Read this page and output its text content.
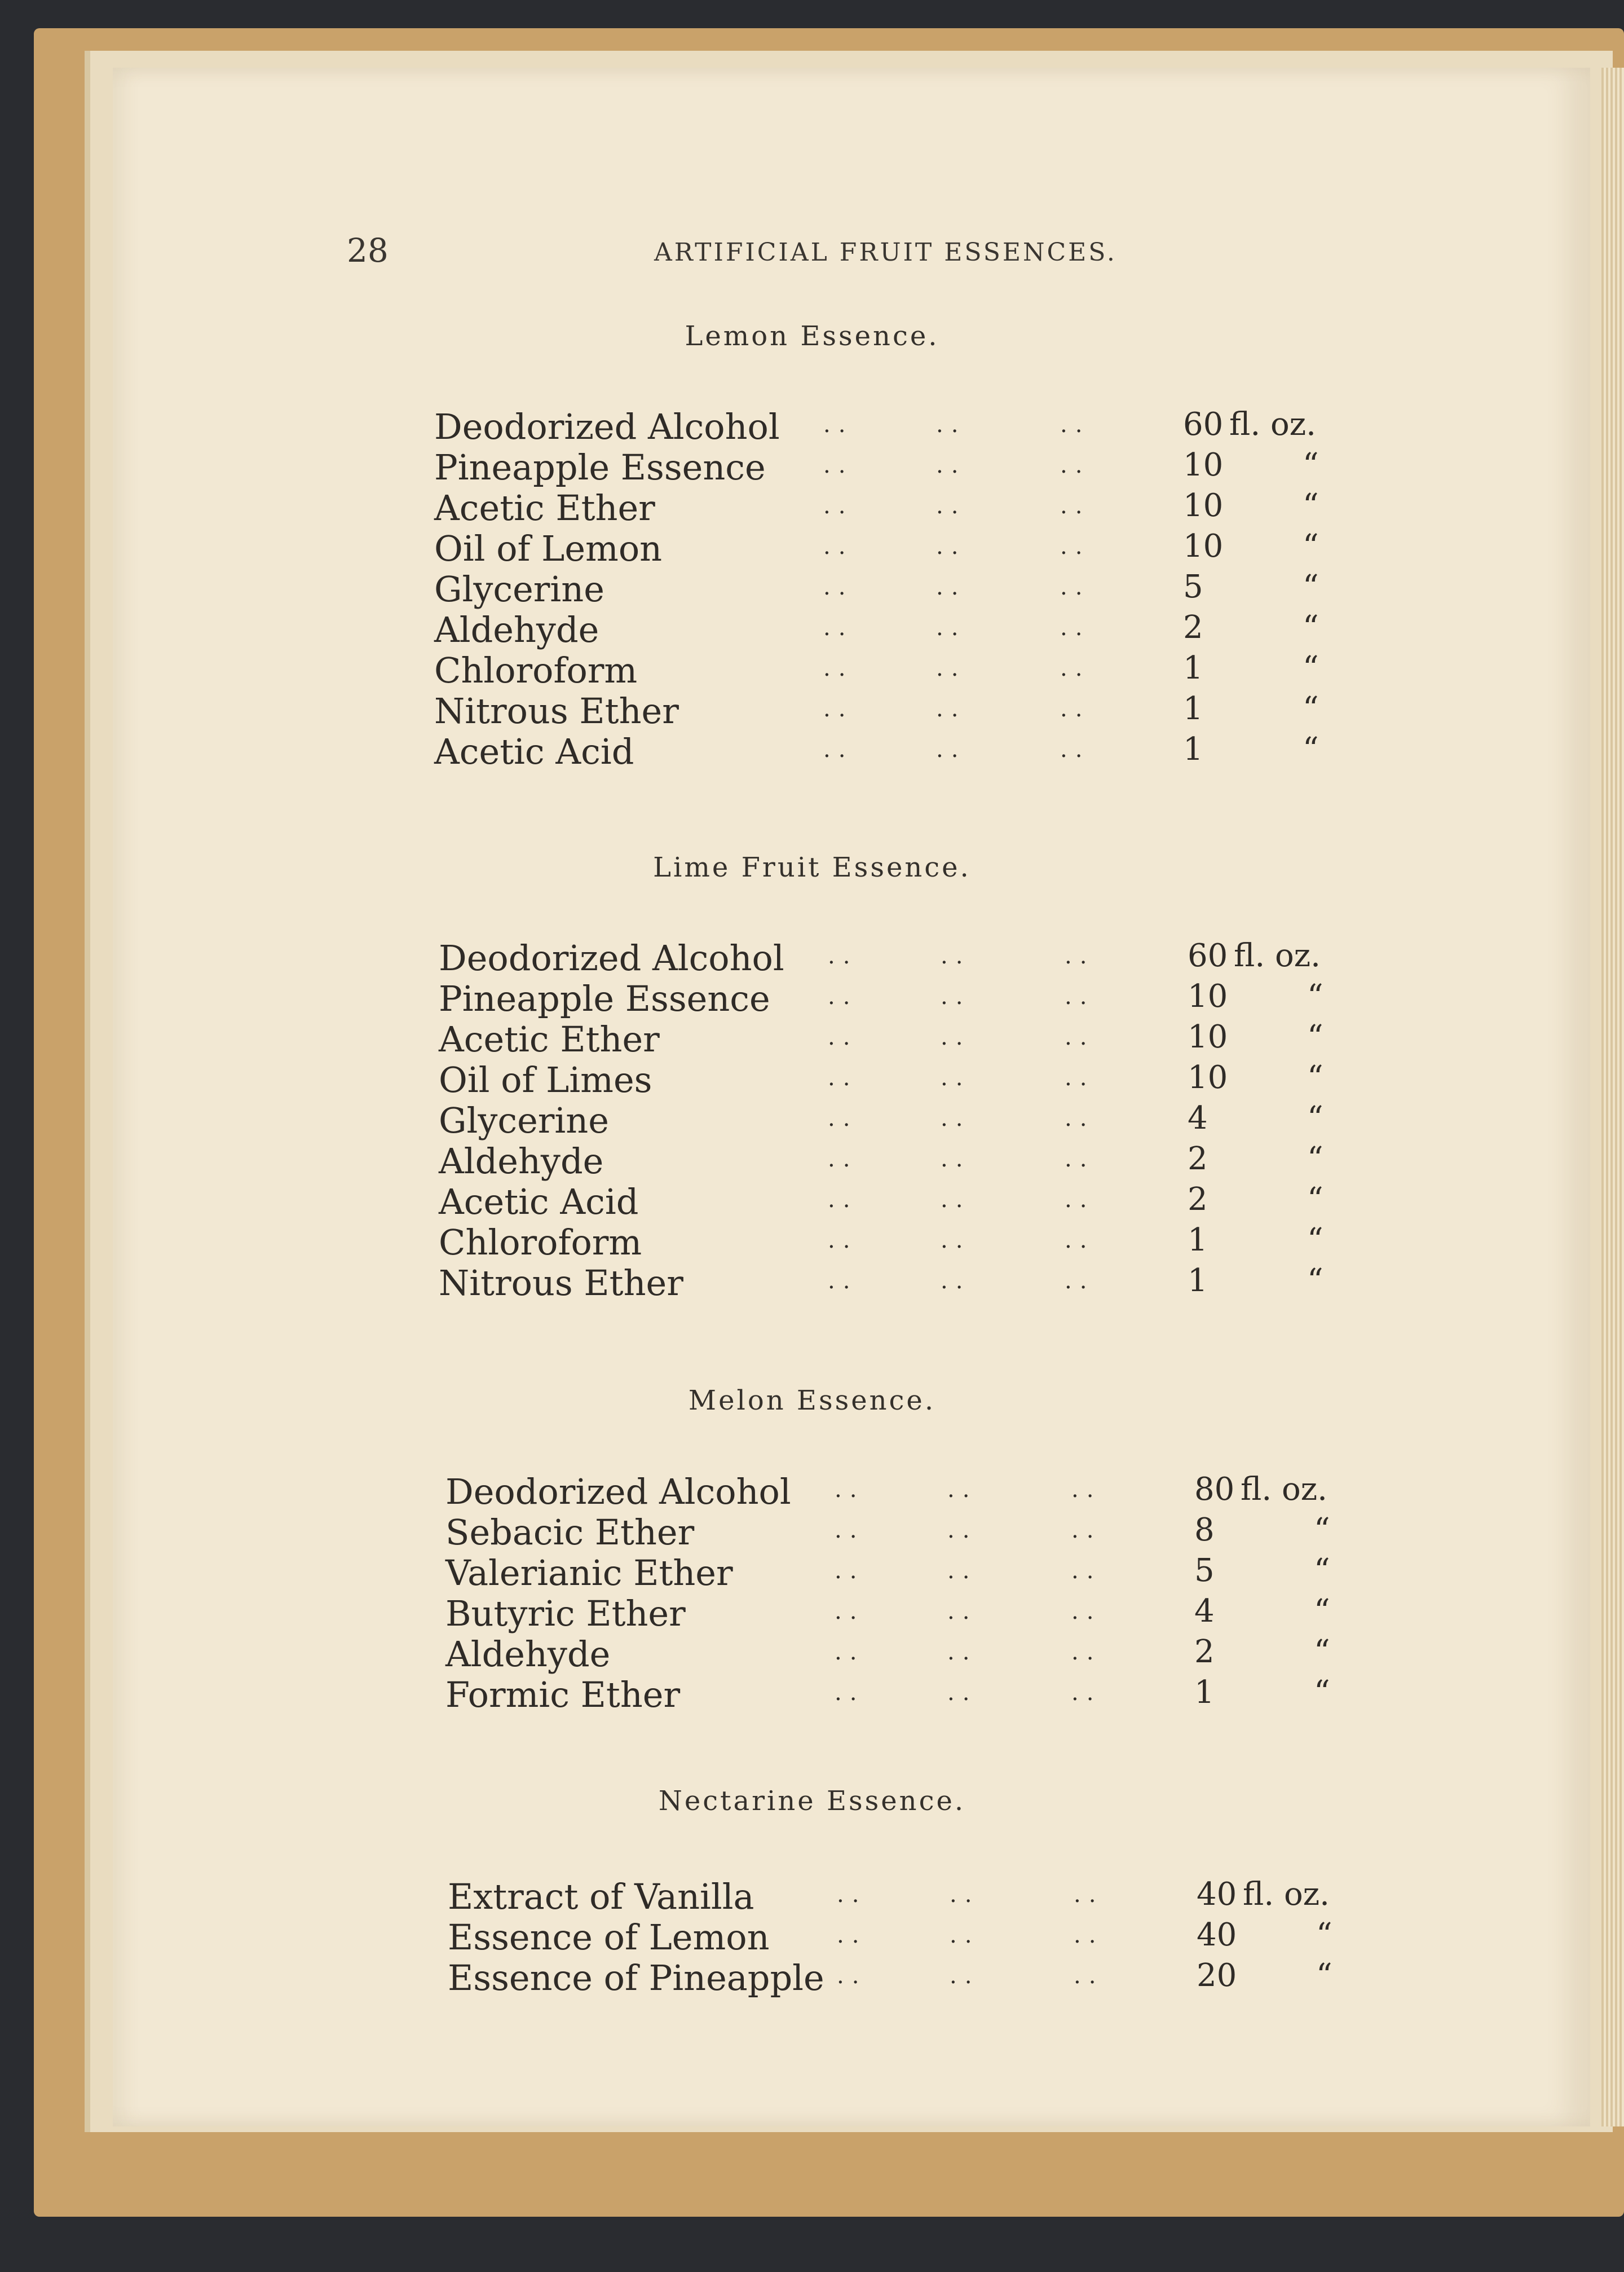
28	ARTIFICIAL FRUIT ESSENCES.
Lemon Essence.
Deodorized Alcohol ..	..	..	60 fl. oz.
Pineapple Essence	..	..	..	10	“
Acetic Ether	..	..	..	10	“
Oil of Lemon	..	..	..	10	“
Glycerine	..	..	..	5	“
Aldehyde	..	..	..	2	“
Chloroform	..	..	..	1	“
Nitrous Ether	..	..	..	1	“
Acetic Acid	..	..	..	1	“
Lime Fruit Essence.
Deodorized Alcohol ..	..	..	60 fl. oz.
Pineapple Essence	..	..	..	10	“
Acetic Ether	..	..	..	10	“
Oil of Limes	..	..	..	10	“
Glycerine	..	..	..	4	“
Aldehyde	..	..	..	2	“
Acetic Acid	..	..	..	2	“
Chloroform	..	..	..	1	“
Nitrous Ether	..	..	..	1	“
Melon Essence.
Deodorized Alcohol ..	..	..	80 fl. oz.
Sebacic Ether	..	..	..	8	“
Valerianic Ether	..	..	..	5	“
Butyric Ether	..	..	..	4	“
Aldehyde	..	..	..	2	“
Formic Ether	..	..	..	1	“
Nectarine Essence.
Extract of Vanilla	..	..	..	40 fl. oz.
Essence of Lemon	..	..	..	40	“
Essence of Pineapple ..	..	..	20	“
